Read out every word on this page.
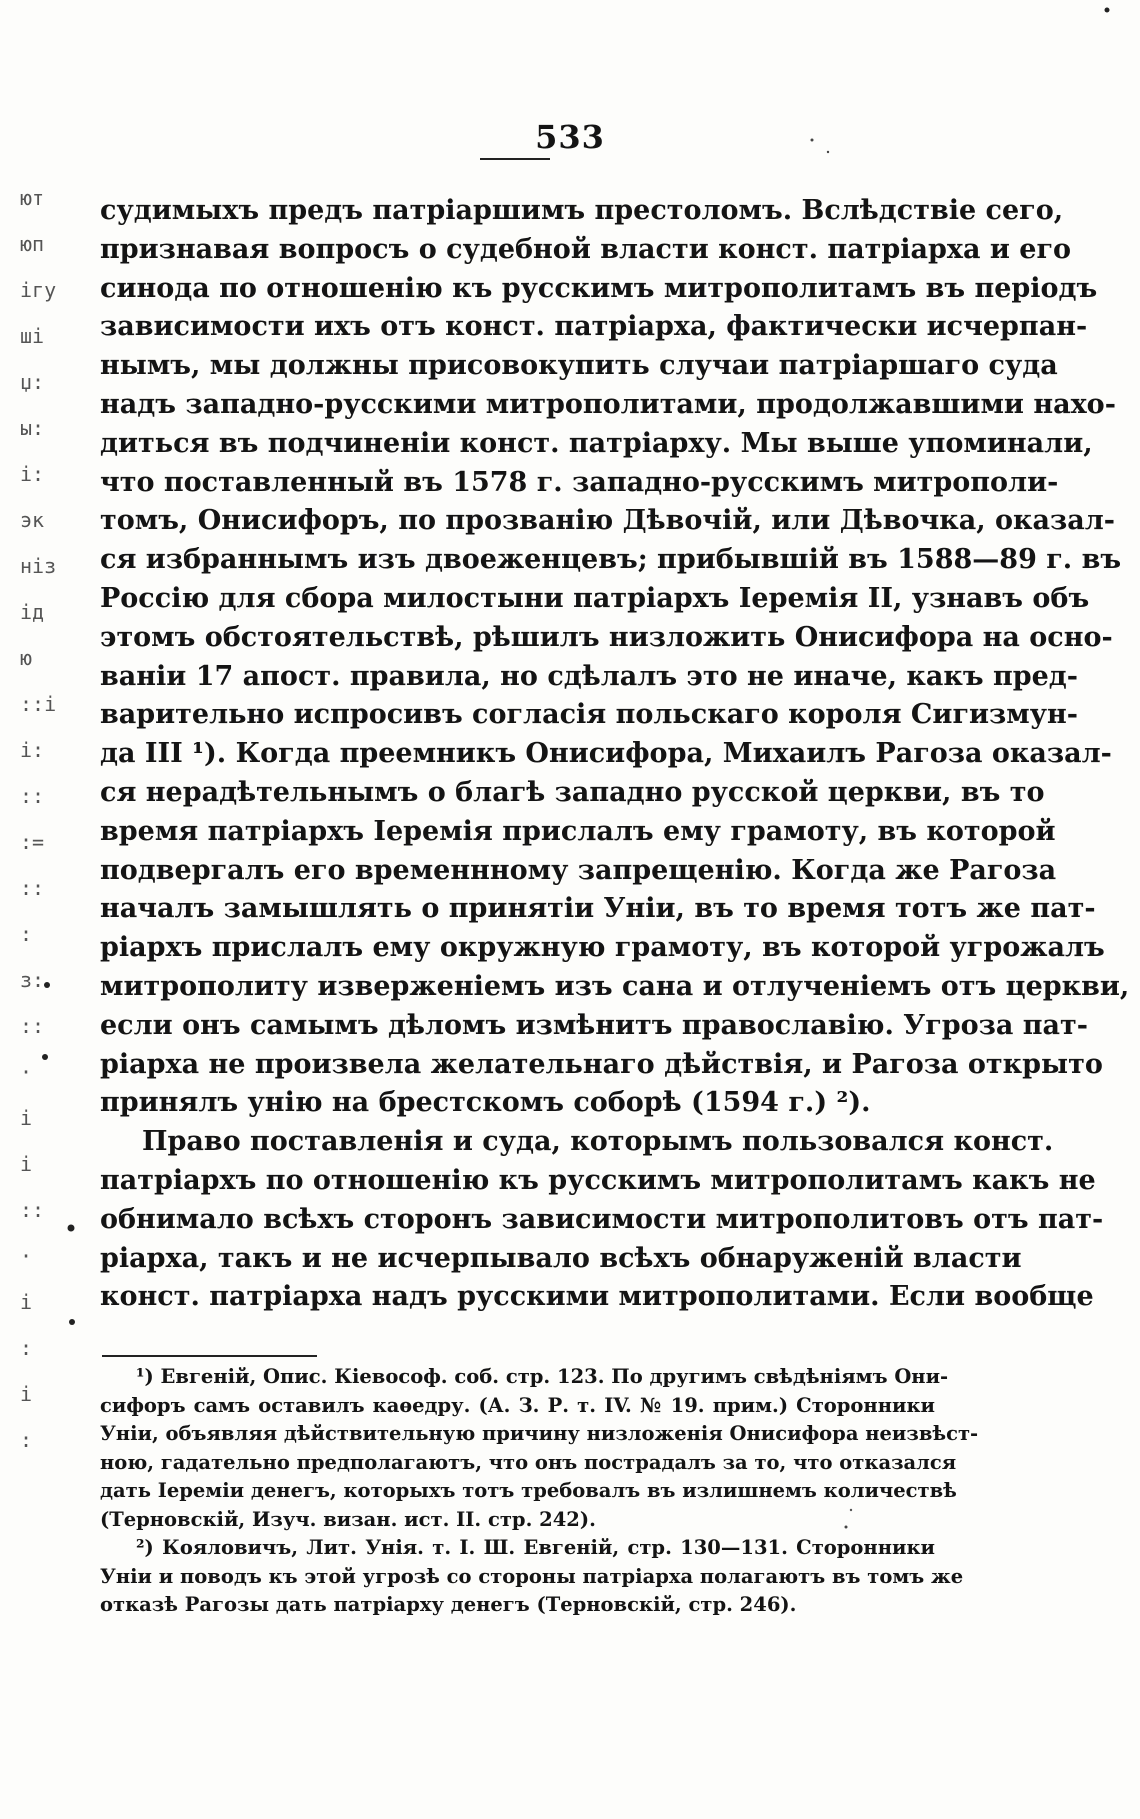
ют
юп
ігу
ші
џ:
ы:
і:
эк
ніз
ід
ю
::і
і:
::
:=
::
:
з:
::
·
і
і
::
·
і
:
і
:
533
судимыхъ предъ патріаршимъ престоломъ. Вслѣдствіе сего,
признавая вопросъ о судебной власти конст. патріарха и его
синода по отношенію къ русскимъ митрополитамъ въ періодъ
зависимости ихъ отъ конст. патріарха, фактически исчерпан-
нымъ, мы должны присовокупить случаи патріаршаго суда
надъ западно-русскими митрополитами, продолжавшими нахо-
диться въ подчиненіи конст. патріарху. Мы выше упоминали,
что поставленный въ 1578 г. западно-русскимъ митрополи-
томъ, Онисифоръ, по прозванію Дѣвочій, или Дѣвочка, оказал-
ся избраннымъ изъ двоеженцевъ; прибывшій въ 1588—89 г. въ
Россію для сбора милостыни патріархъ Іеремія II, узнавъ объ
этомъ обстоятельствѣ, рѣшилъ низложить Онисифора на осно-
ваніи 17 апост. правила, но сдѣлалъ это не иначе, какъ пред-
варительно испросивъ согласія польскаго короля Сигизмун-
да III ¹). Когда преемникъ Онисифора, Михаилъ Рагоза оказал-
ся нерадѣтельнымъ о благѣ западно русской церкви, въ то
время патріархъ Іеремія прислалъ ему грамоту, въ которой
подвергалъ его временнному запрещенію. Когда же Рагоза
началъ замышлять о принятіи Уніи, въ то время тотъ же пат-
ріархъ прислалъ ему окружную грамоту, въ которой угрожалъ
митрополиту изверженіемъ изъ сана и отлученіемъ отъ церкви,
если онъ самымъ дѣломъ измѣнитъ православію. Угроза пат-
ріарха не произвела желательнаго дѣйствія, и Рагоза открыто
принялъ унію на брестскомъ соборѣ (1594 г.) ²).
Право поставленія и суда, которымъ пользовался конст.
патріархъ по отношенію къ русскимъ митрополитамъ какъ не
обнимало всѣхъ сторонъ зависимости митрополитовъ отъ пат-
ріарха, такъ и не исчерпывало всѣхъ обнаруженій власти
конст. патріарха надъ русскими митрополитами. Если вообще
¹) Евгеній, Опис. Кіевософ. соб. стр. 123. По другимъ свѣдѣніямъ Они-
сифоръ самъ оставилъ каѳедру. (А. З. Р. т. IV. № 19. прим.) Сторонники
Уніи, объявляя дѣйствительную причину низложенія Онисифора неизвѣст-
ною, гадательно предполагаютъ, что онъ пострадалъ за то, что отказался
дать Іереміи денегъ, которыхъ тотъ требовалъ въ излишнемъ количествѣ
(Терновскій, Изуч. визан. ист. II. стр. 242).
²) Кояловичъ, Лит. Унія. т. I. Ш. Евгеній, стр. 130—131. Сторонники
Уніи и поводъ къ этой угрозѣ со стороны патріарха полагаютъ въ томъ же
отказѣ Рагозы дать патріарху денегъ (Терновскій, стр. 246).
